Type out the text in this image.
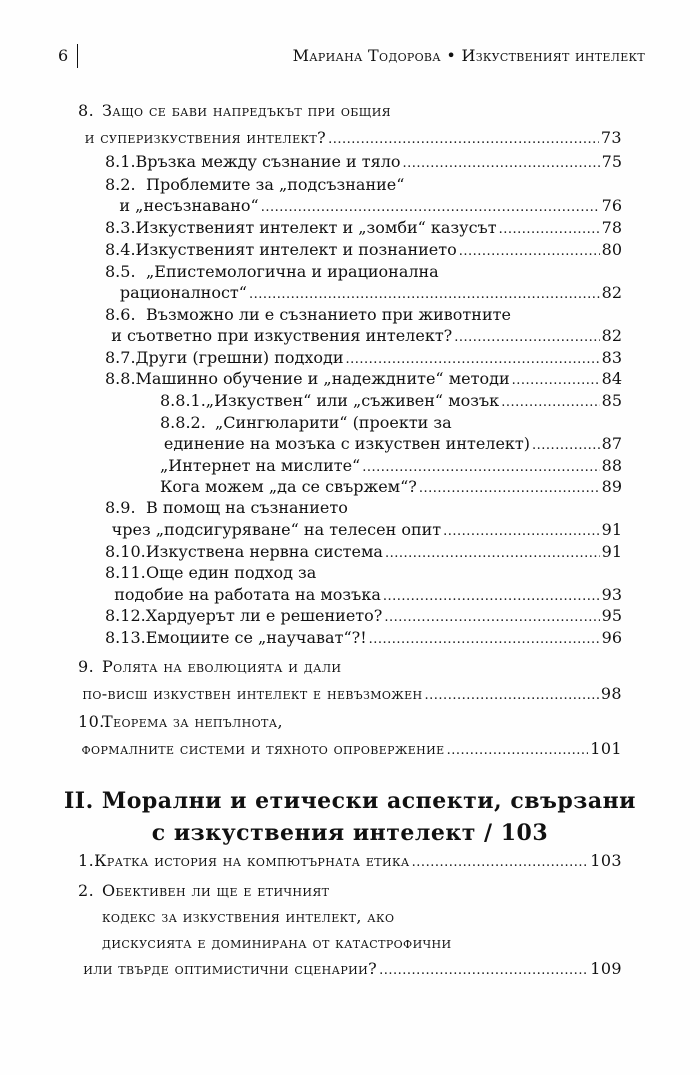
6	Мариана Тодорова • Изкуственият интелект
8. Защо се бави напредъкът при общия
и суперизкуствения интелект? .....	73
8.1. Връзка между съзнание и тяло .....	75
8.2. Проблемите за „подсъзнание“
и „несъзнавано“ .....	76
8.3. Изкуственият интелект и „зомби“ казусът .....	78
8.4. Изкуственият интелект и познанието .....	80
8.5. „Епистемологична и ирационална
рационалност“ .....	82
8.6. Възможно ли е съзнанието при животните
и съответно при изкуствения интелект? .....	82
8.7. Други (грешни) подходи .....	83
8.8. Машинно обучение и „надеждните“ методи .....	84
8.8.1. „Изкуствен“ или „съживен“ мозък .....	85
8.8.2. „Сингюларити“ (проекти за
единение на мозъка с изкуствен интелект) .....	87
„Интернет на мислите“ .....	88
Кога можем „да се свържем“? .....	89
8.9. В помощ на съзнанието
чрез „подсигуряване“ на телесен опит .....	91
8.10. Изкуствена нервна система .....	91
8.11. Още един подход за
подобие на работата на мозъка .....	93
8.12. Хардуерът ли е решението? .....	95
8.13. Емоциите се „научават“?! .....	96
9. Ролята на еволюцията и дали
по-висш изкуствен интелект е невъзможен .....	98
10.
Теорема за непълнота,
формалните системи и тяхното опровержение .....	101
II. Морални и етически аспекти, свързани
с изкуствения интелект / 103
1. Кратка история на компютърната етика .....	103
2. Обективен ли ще е етичният
кодекс за изкуствения интелект, ако
дискусията е доминирана от катастрофични
или твърде оптимистични сценарии? .....	109
